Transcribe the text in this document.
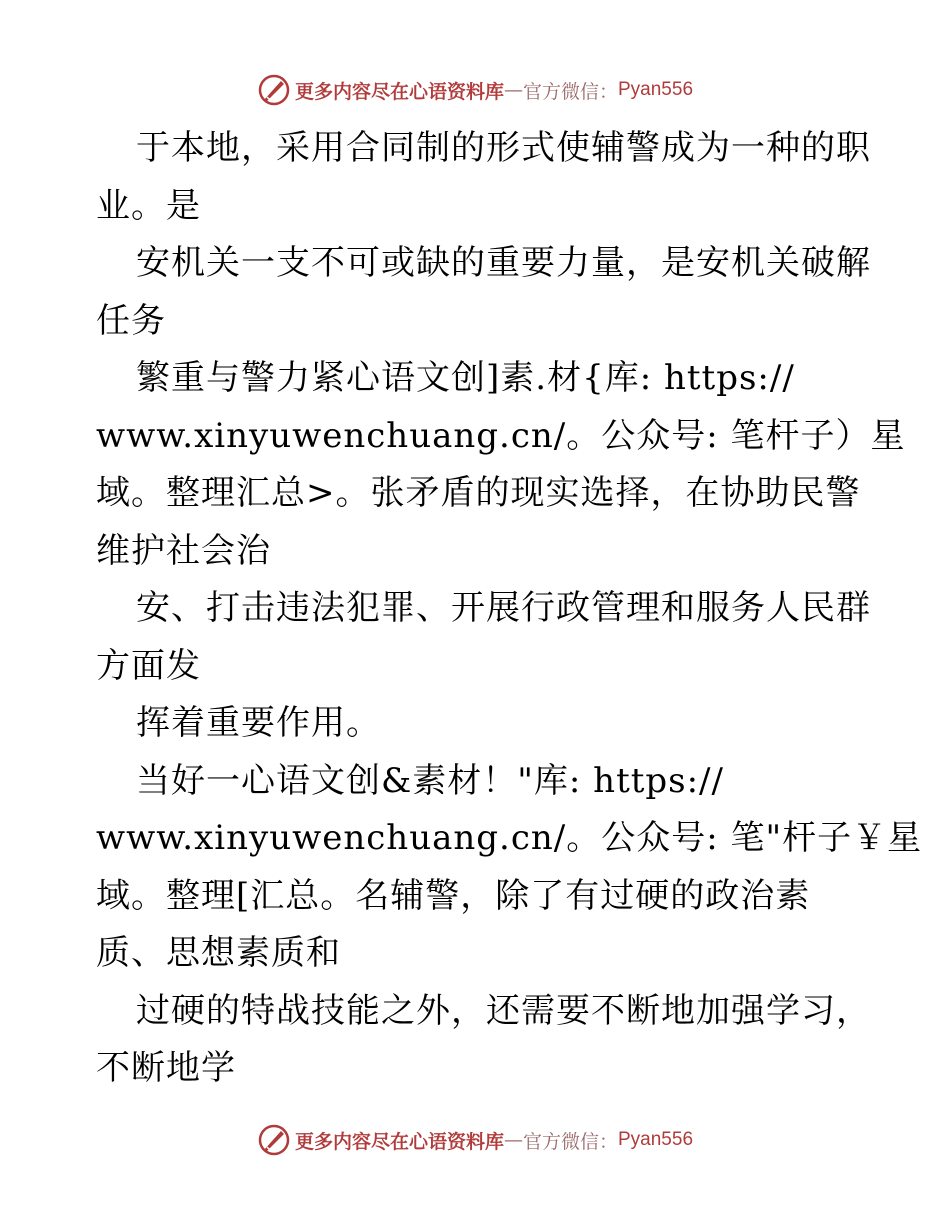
更多内容尽在心语资料库 — 官方微信： Pyan556
于本地，采用合同制的形式使辅警成为一种的职
业。是
安机关一支不可或缺的重要力量，是安机关破解
任务
繁重与警力紧心语文创]素.材{库: https://
www.xinyuwenchuang.cn/。公众号: 笔杆子）星
域。整理汇总>。张矛盾的现实选择，在协助民警
维护社会治
安、打击违法犯罪、开展行政管理和服务人民群
方面发
挥着重要作用。
当好一心语文创&素材！"库: https://
www.xinyuwenchuang.cn/。公众号: 笔"杆子￥星
域。整理[汇总。名辅警，除了有过硬的政治素
质、思想素质和
过硬的特战技能之外，还需要不断地加强学习，
不断地学
更多内容尽在心语资料库 — 官方微信： Pyan556
